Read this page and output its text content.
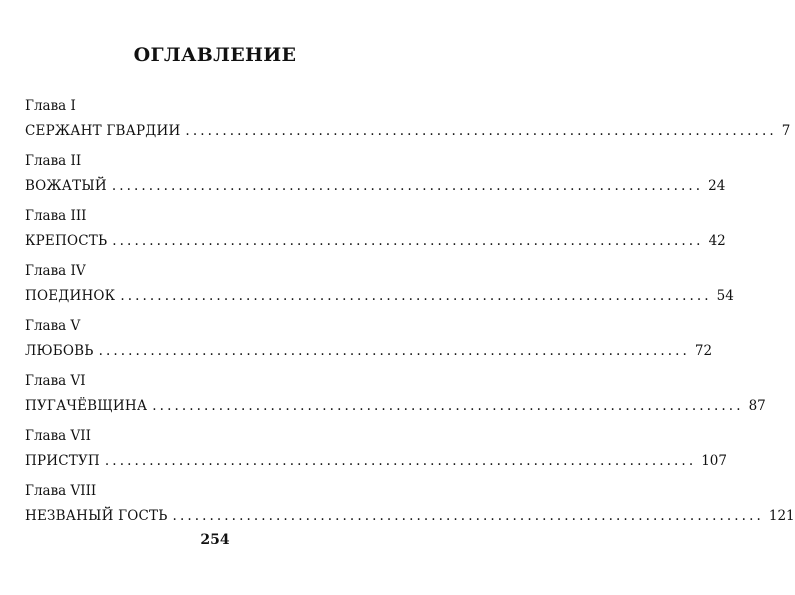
ОГЛАВЛЕНИЕ
Глава I
СЕРЖАНТ ГВАРДИИ ................................................................................ 7
Глава II
ВОЖАТЫЙ ................................................................................ 24
Глава III
КРЕПОСТЬ ................................................................................ 42
Глава IV
ПОЕДИНОК ................................................................................ 54
Глава V
ЛЮБОВЬ ................................................................................ 72
Глава VI
ПУГАЧЁВЩИНА ................................................................................ 87
Глава VII
ПРИСТУП ................................................................................ 107
Глава VIII
НЕЗВАНЫЙ ГОСТЬ ................................................................................ 121
254
